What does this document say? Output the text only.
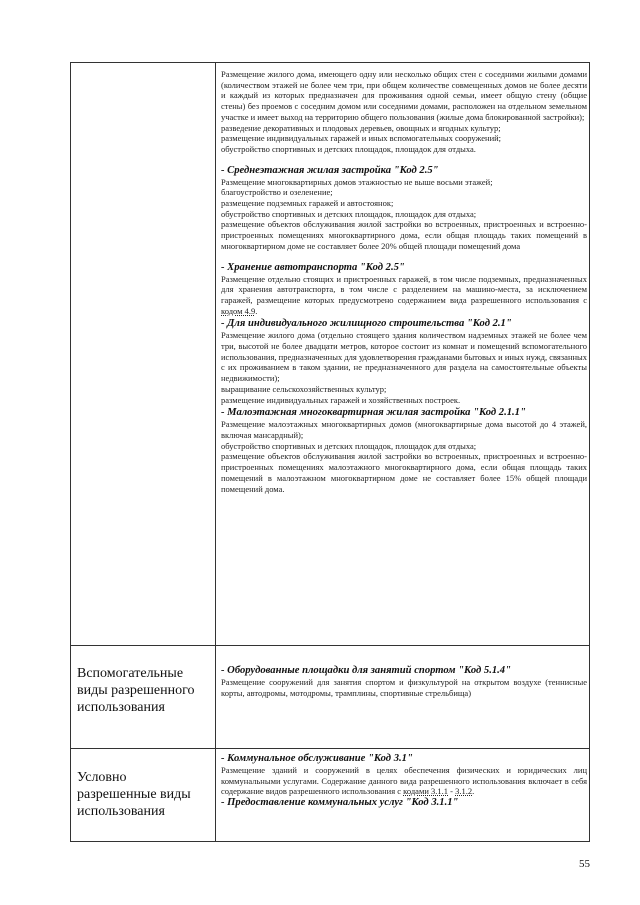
Размещение жилого дома, имеющего одну или несколько общих стен с соседними жилыми домами (количеством этажей не более чем три, при общем количестве совмещенных домов не более десяти и каждый из которых предназначен для проживания одной семьи, имеет общую стену (общие стены) без проемов с соседним домом или соседними домами, расположен на отдельном земельном участке и имеет выход на территорию общего пользования (жилые дома блокированной застройки);

разведение декоративных и плодовых деревьев, овощных и ягодных культур;

размещение индивидуальных гаражей и иных вспомогательных сооружений;

обустройство спортивных и детских площадок, площадок для отдыха.

- Среднеэтажная жилая застройка "Код 2.5"

Размещение многоквартирных домов этажностью не выше восьми этажей;

благоустройство и озеленение;

размещение подземных гаражей и автостоянок;

обустройство спортивных и детских площадок, площадок для отдыха;

размещение объектов обслуживания жилой застройки во встроенных, пристроенных и встроенно-пристроенных помещениях многоквартирного дома, если общая площадь таких помещений в многоквартирном доме не составляет более 20% общей площади помещений дома

- Хранение автотранспорта "Код 2.5"

Размещение отдельно стоящих и пристроенных гаражей, в том числе подземных, предназначенных для хранения автотранспорта, в том числе с разделением на машино-места, за исключением гаражей, размещение которых предусмотрено содержанием вида разрешенного использования с кодом 4.9.

- Для индивидуального жилищного строительства "Код 2.1"

Размещение жилого дома (отдельно стоящего здания количеством надземных этажей не более чем три, высотой не более двадцати метров, которое состоит из комнат и помещений вспомогательного использования, предназначенных для удовлетворения гражданами бытовых и иных нужд, связанных с их проживанием в таком здании, не предназначенного для раздела на самостоятельные объекты недвижимости);

выращивание сельскохозяйственных культур;

размещение индивидуальных гаражей и хозяйственных построек.

- Малоэтажная многоквартирная жилая застройка "Код 2.1.1"

Размещение малоэтажных многоквартирных домов (многоквартирные дома высотой до 4 этажей, включая мансардный);

обустройство спортивных и детских площадок, площадок для отдыха;

размещение объектов обслуживания жилой застройки во встроенных, пристроенных и встроенно-пристроенных помещениях малоэтажного многоквартирного дома, если общая площадь таких помещений в малоэтажном многоквартирном доме не составляет более 15% общей площади помещений дома.

Вспомогательные виды разрешенного использования

- Оборудованные площадки для занятий спортом "Код 5.1.4"

Размещение сооружений для занятия спортом и физкультурой на открытом воздухе (теннисные корты, автодромы, мотодромы, трамплины, спортивные стрельбища)

Условно разрешенные виды использования

- Коммунальное обслуживание "Код 3.1"

Размещение зданий и сооружений в целях обеспечения физических и юридических лиц коммунальными услугами. Содержание данного вида разрешенного использования включает в себя содержание видов разрешенного использования с кодами 3.1.1 - 3.1.2.

- Предоставление коммунальных услуг "Код 3.1.1"

55
